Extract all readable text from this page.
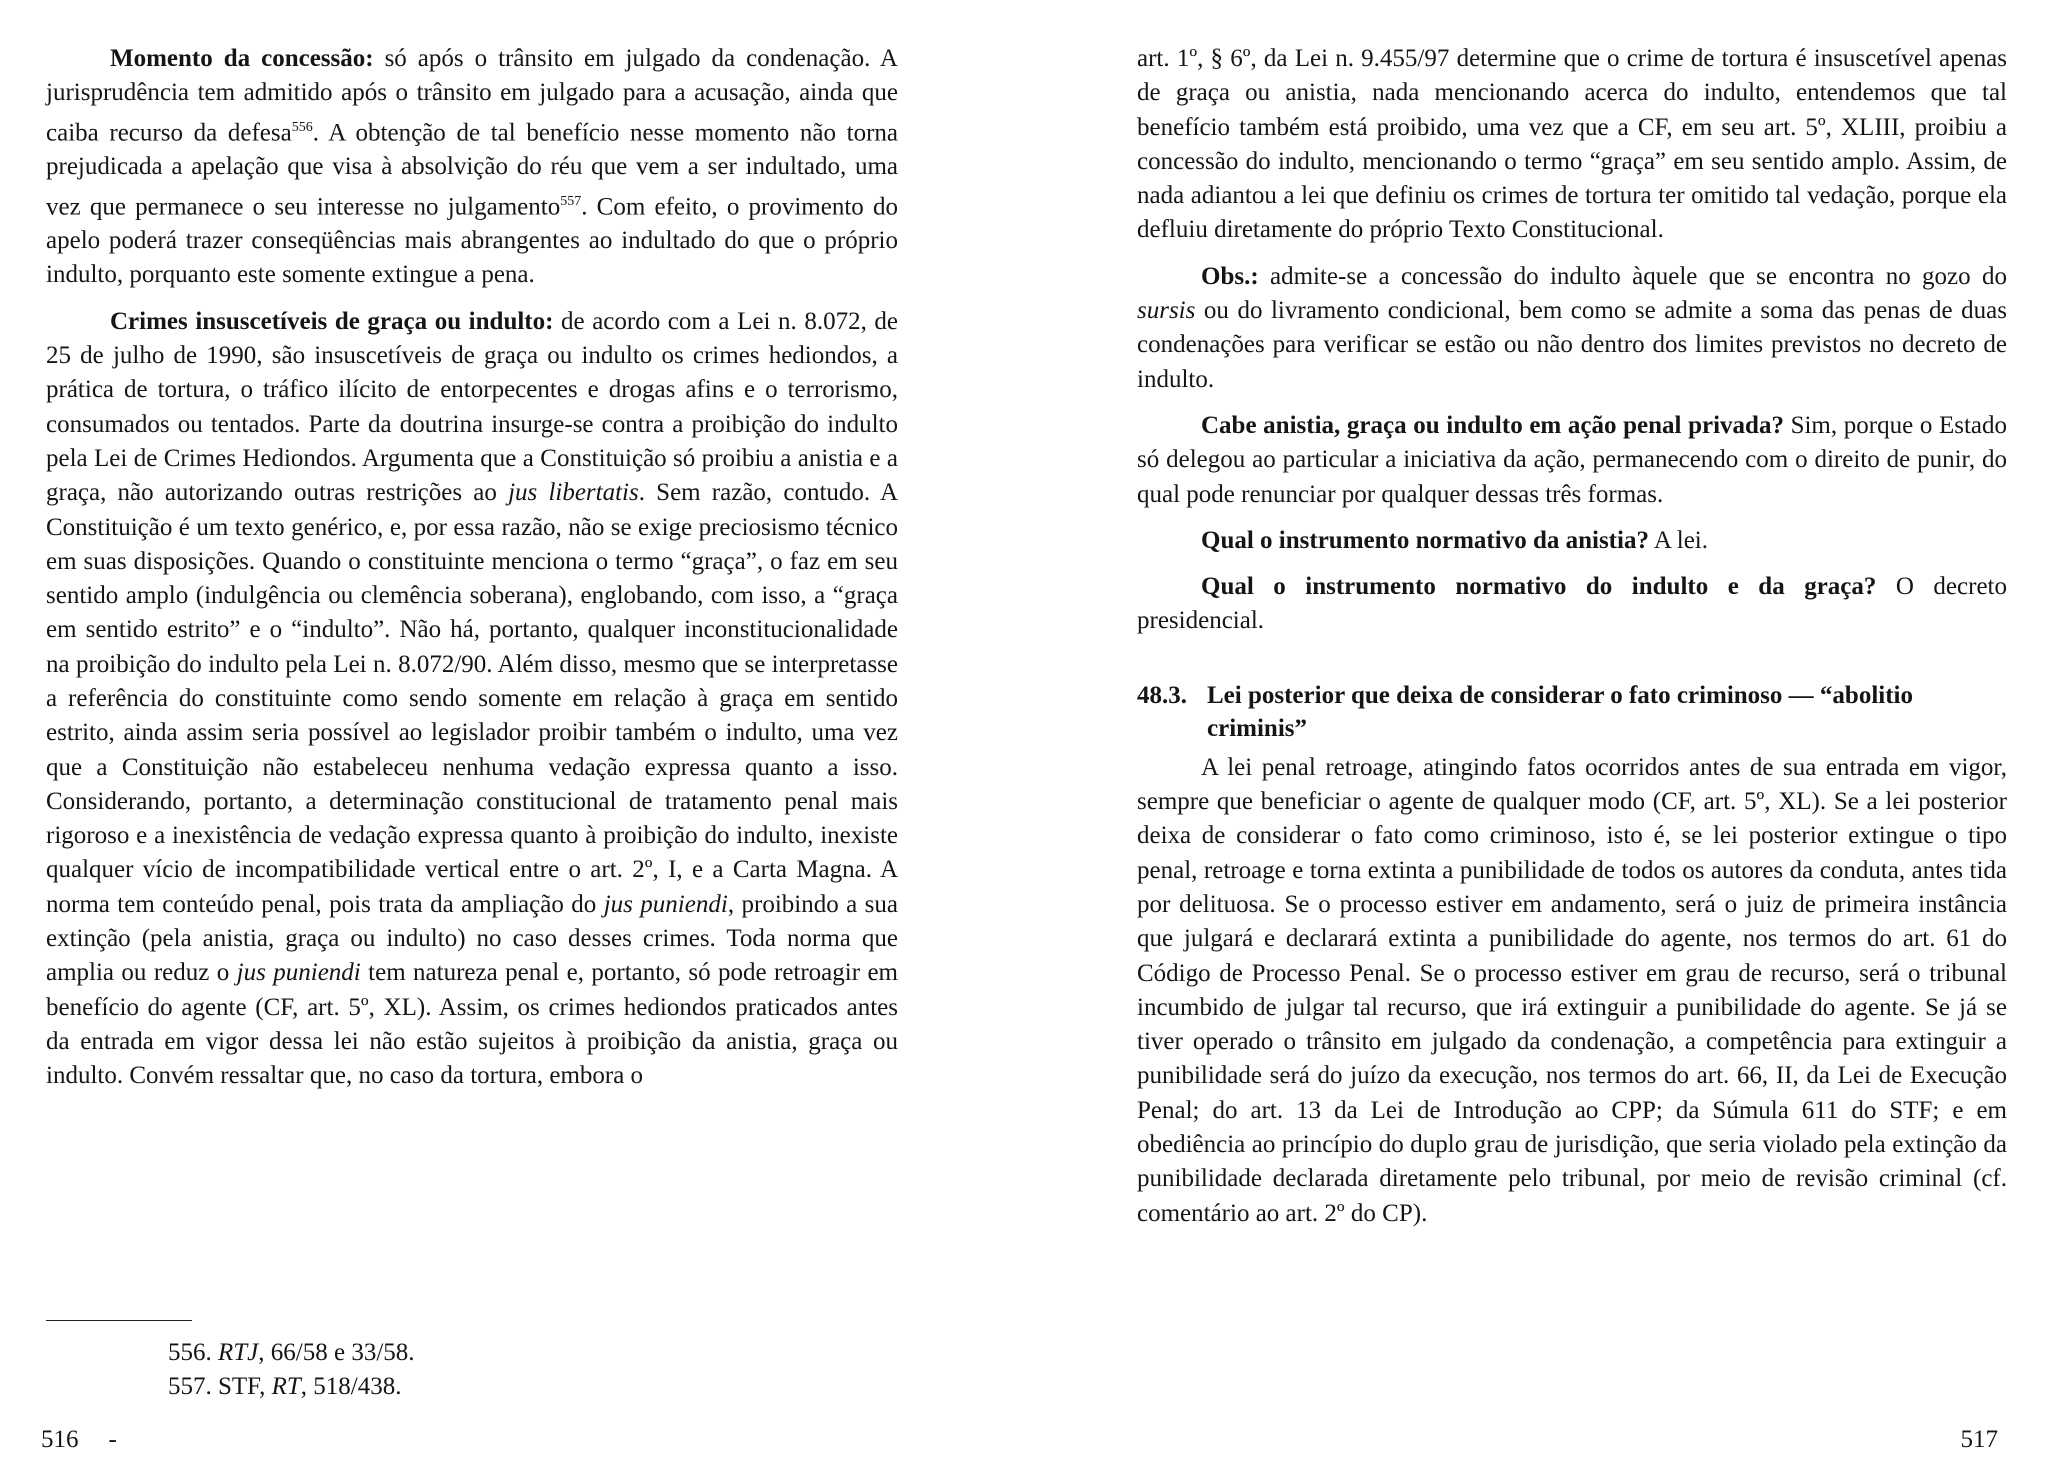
Momento da concessão: só após o trânsito em julgado da condenação. A jurisprudência tem admitido após o trânsito em julgado para a acusação, ainda que caiba recurso da defesa$^{556}$. A obtenção de tal benefício nesse momento não torna prejudicada a apelação que visa à absolvição do réu que vem a ser indultado, uma vez que permanece o seu interesse no julgamento$^{557}$. Com efeito, o provimento do apelo poderá trazer conseqüências mais abrangentes ao indultado do que o próprio indulto, porquanto este somente extingue a pena.

Crimes insuscetíveis de graça ou indulto: de acordo com a Lei n. 8.072, de 25 de julho de 1990, são insuscetíveis de graça ou indulto os crimes hediondos, a prática de tortura, o tráfico ilícito de entorpecentes e drogas afins e o terrorismo, consumados ou tentados. Parte da doutrina insurge-se contra a proibição do indulto pela Lei de Crimes Hediondos. Argumenta que a Constituição só proibiu a anistia e a graça, não autorizando outras restrições ao jus libertatis. Sem razão, contudo. A Constituição é um texto genérico, e, por essa razão, não se exige preciosismo técnico em suas disposições. Quando o constituinte menciona o termo “graça”, o faz em seu sentido amplo (indulgência ou clemência soberana), englobando, com isso, a “graça em sentido estrito” e o “indulto”. Não há, portanto, qualquer inconstitucionalidade na proibição do indulto pela Lei n. 8.072/90. Além disso, mesmo que se interpretasse a referência do constituinte como sendo somente em relação à graça em sentido estrito, ainda assim seria possível ao legislador proibir também o indulto, uma vez que a Constituição não estabeleceu nenhuma vedação expressa quanto a isso. Considerando, portanto, a determinação constitucional de tratamento penal mais rigoroso e a inexistência de vedação expressa quanto à proibição do indulto, inexiste qualquer vício de incompatibilidade vertical entre o art. 2º, I, e a Carta Magna. A norma tem conteúdo penal, pois trata da ampliação do jus puniendi, proibindo a sua extinção (pela anistia, graça ou indulto) no caso desses crimes. Toda norma que amplia ou reduz o jus puniendi tem natureza penal e, portanto, só pode retroagir em benefício do agente (CF, art. 5º, XL). Assim, os crimes hediondos praticados antes da entrada em vigor dessa lei não estão sujeitos à proibição da anistia, graça ou indulto. Convém ressaltar que, no caso da tortura, embora o

556. RTJ, 66/58 e 33/58.

557. STF, RT, 518/438.

516 -

art. 1º, § 6º, da Lei n. 9.455/97 determine que o crime de tortura é insuscetível apenas de graça ou anistia, nada mencionando acerca do indulto, entendemos que tal benefício também está proibido, uma vez que a CF, em seu art. 5º, XLIII, proibiu a concessão do indulto, mencionando o termo “graça” em seu sentido amplo. Assim, de nada adiantou a lei que definiu os crimes de tortura ter omitido tal vedação, porque ela defluiu diretamente do próprio Texto Constitucional.

Obs.: admite-se a concessão do indulto àquele que se encontra no gozo do sursis ou do livramento condicional, bem como se admite a soma das penas de duas condenações para verificar se estão ou não dentro dos limites previstos no decreto de indulto.

Cabe anistia, graça ou indulto em ação penal privada? Sim, porque o Estado só delegou ao particular a iniciativa da ação, permanecendo com o direito de punir, do qual pode renunciar por qualquer dessas três formas.

Qual o instrumento normativo da anistia? A lei.

Qual o instrumento normativo do indulto e da graça? O decreto presidencial.

48.3. Lei posterior que deixa de considerar o fato criminoso — “abolitio criminis”

A lei penal retroage, atingindo fatos ocorridos antes de sua entrada em vigor, sempre que beneficiar o agente de qualquer modo (CF, art. 5º, XL). Se a lei posterior deixa de considerar o fato como criminoso, isto é, se lei posterior extingue o tipo penal, retroage e torna extinta a punibilidade de todos os autores da conduta, antes tida por delituosa. Se o processo estiver em andamento, será o juiz de primeira instância que julgará e declarará extinta a punibilidade do agente, nos termos do art. 61 do Código de Processo Penal. Se o processo estiver em grau de recurso, será o tribunal incumbido de julgar tal recurso, que irá extinguir a punibilidade do agente. Se já se tiver operado o trânsito em julgado da condenação, a competência para extinguir a punibilidade será do juízo da execução, nos termos do art. 66, II, da Lei de Execução Penal; do art. 13 da Lei de Introdução ao CPP; da Súmula 611 do STF; e em obediência ao princípio do duplo grau de jurisdição, que seria violado pela extinção da punibilidade declarada diretamente pelo tribunal, por meio de revisão criminal (cf. comentário ao art. 2º do CP).

517
